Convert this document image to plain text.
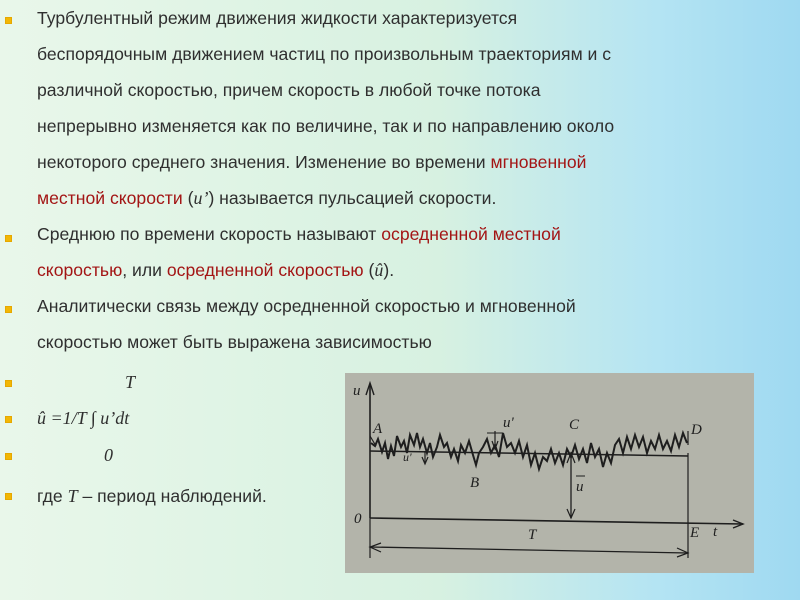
Турбулентный режим движения жидкости характеризуется
беспорядочным движением частиц по произвольным траекториям и с
различной скоростью, причем скорость в любой точке потока
непрерывно изменяется как по величине, так и по направлению около
некоторого среднего значения. Изменение во времени мгновенной
местной скорости (u’) называется пульсацией скорости.

Среднюю по времени скорость называют осредненной местной
скоростью, или осредненной скоростью (û).

Аналитически связь между осредненной скоростью и мгновенной
скоростью может быть выражена зависимостью

T
û =1/T ∫ u’dt
0

где T – период наблюдений.

u
t
0
A
B
C	D
E
T
u'
u'
u
